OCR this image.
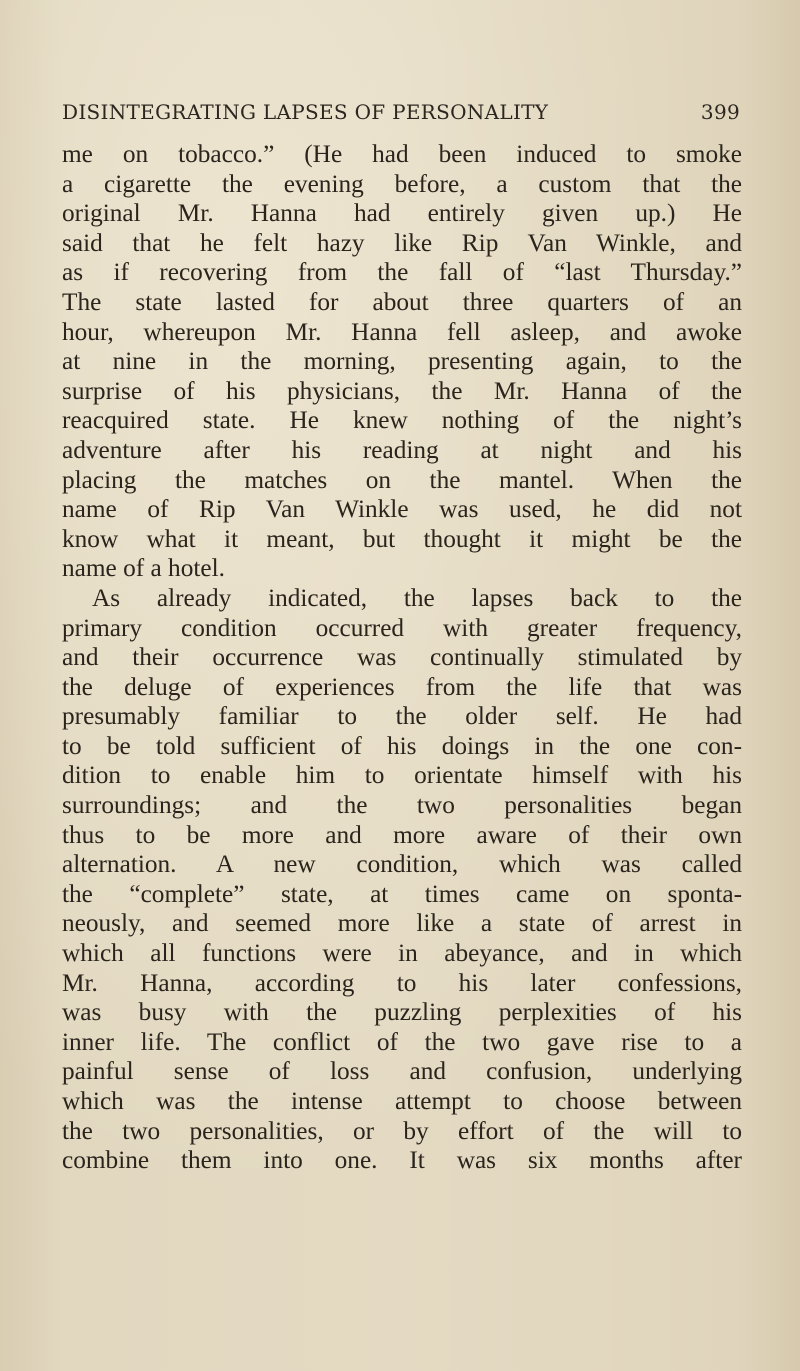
DISINTEGRATING LAPSES OF PERSONALITY	399
me on tobacco.” (He had been induced to smoke
a cigarette the evening before, a custom that the
original Mr. Hanna had entirely given up.) He
said that he felt hazy like Rip Van Winkle, and
as if recovering from the fall of “last Thursday.”
The state lasted for about three quarters of an
hour, whereupon Mr. Hanna fell asleep, and awoke
at nine in the morning, presenting again, to the
surprise of his physicians, the Mr. Hanna of the
reacquired state. He knew nothing of the night’s
adventure after his reading at night and his
placing the matches on the mantel. When the
name of Rip Van Winkle was used, he did not
know what it meant, but thought it might be the
name of a hotel.
As already indicated, the lapses back to the
primary condition occurred with greater frequency,
and their occurrence was continually stimulated by
the deluge of experiences from the life that was
presumably familiar to the older self. He had
to be told sufficient of his doings in the one con-
dition to enable him to orientate himself with his
surroundings; and the two personalities began
thus to be more and more aware of their own
alternation. A new condition, which was called
the “complete” state, at times came on sponta-
neously, and seemed more like a state of arrest in
which all functions were in abeyance, and in which
Mr. Hanna, according to his later confessions,
was busy with the puzzling perplexities of his
inner life. The conflict of the two gave rise to a
painful sense of loss and confusion, underlying
which was the intense attempt to choose between
the two personalities, or by effort of the will to
combine them into one. It was six months after
